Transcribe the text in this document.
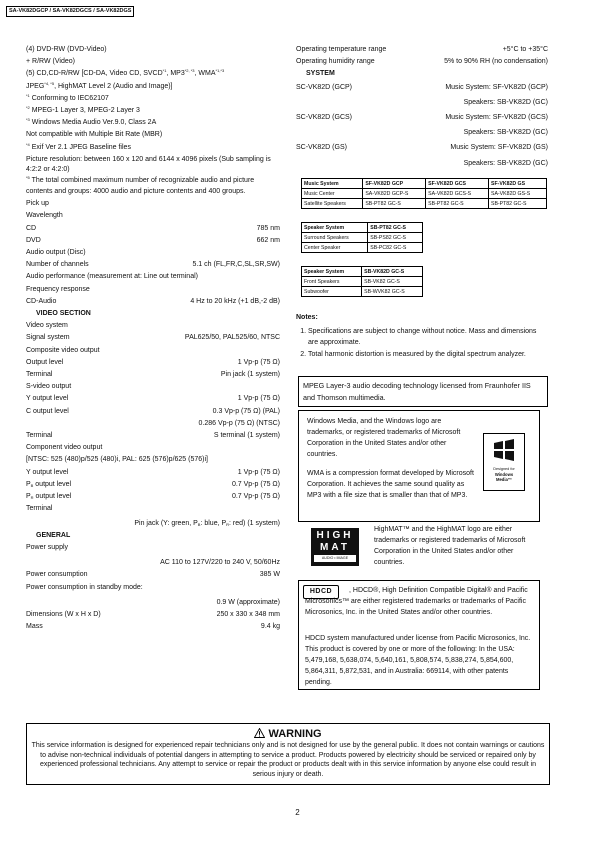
SA-VK82DGCP / SA-VK82DGCS / SA-VK82DGS
(4) DVD-RW (DVD-Video)
+ R/RW (Video)
(5) CD,CD-R/RW [CD-DA, Video CD, SVCD$^{*1}$, $MP3^{*2, *3}$, $WMA^{*1,*3}$
$JPEG^{*4, *5}$, HighMAT Level 2 (Audio and Image)]
$^{*1}$ Conforming to IEC62107
$^{*2}$ MPEG-1 Layer 3, MPEG-2 Layer 3
$^{*3}$ Windows Media Audio Ver.9.0, Class 2A
Not compatible with Multiple Bit Rate (MBR)
$^{*4}$ Exif Ver 2.1 JPEG Baseline files
Picture resolution: between 160 x 120 and 6144 x 4096 pixels (Sub sampling is 4:2:2 or 4:2:0)
$^{*5}$ The total combined maximum number of recognizable audio and picture contents and groups: 4000 audio and picture contents and 400 groups.
Pick up
Wavelength
CD	785 nm
DVD	662 nm
Audio output (Disc)
Number of channels	5.1 ch (FL,FR,C,SL,SR,SW)
Audio performance (measurement at: Line out terminal)
Frequency response
CD-Audio	4 Hz to 20 kHz (+1 dB,-2 dB)
VIDEO SECTION
Video system
Signal system	PAL625/50, PAL525/60, NTSC
Composite video output
Output level	1 Vp-p (75 Ω)
Terminal	Pin jack (1 system)
S-video output
Y output level	1 Vp-p (75 Ω)
C output level	0.3 Vp-p (75 Ω) (PAL)
0.286 Vp-p (75 Ω) (NTSC)
Terminal	S terminal (1 system)
Component video output
[NTSC: 525 (480)p/525 (480)i, PAL: 625 (576)p/625 (576)i]
Y output level	1 Vp-p (75 Ω)
$P_B$ output level	0.7 Vp-p (75 Ω)
$P_R$ output level	0.7 Vp-p (75 Ω)
Terminal
Pin jack (Y: green, $P_B$: blue, $P_R$: red) (1 system)
GENERAL
Power supply
AC 110 to 127V/220 to 240 V, 50/60Hz
Power consumption	385 W
Power consumption in standby mode:
0.9 W (approximate)
Dimensions (W x H x D)	250 x 330 x 348 mm
Mass	9.4 kg
Operating temperature range	+5°C to +35°C
Operating humidity range	5% to 90% RH (no condensation)
SYSTEM
SC-VK82D (GCP)	Music System: SF-VK82D (GCP)
Speakers: SB-VK82D (GC)
SC-VK82D (GCS)	Music System: SF-VK82D (GCS)
Speakers: SB-VK82D (GC)
SC-VK82D (GS)	Music System: SF-VK82D (GS)
Speakers: SB-VK82D (GC)
Music System	SF-VK82D GCP	SF-VK82D GCS	SF-VK82D GS
Music Center	SA-VK82D GCP-S	SA-VK82D GCS-S	SA-VK82D GS-S
Satellite Speakers	SB-PT82 GC-S	SB-PT82 GC-S	SB-PT82 GC-S
Speaker System	SB-PT82 GC-S
Surround Speakers	SB-PS82 GC-S
Center Speaker	SB-PC82 GC-S
Speaker System	SB-VK82D GC-S
Front Speakers	SB-VK82 GC-S
Subwoofer	SB-WVK82 GC-S
Notes:
1. Specifications are subject to change without notice. Mass and dimensions are approximate.
2. Total harmonic distortion is measured by the digital spectrum analyzer.
MPEG Layer-3 audio decoding technology licensed from Fraunhofer IIS and Thomson multimedia.
Windows Media, and the Windows logo are trademarks, or registered trademarks of Microsoft Corporation in the United States and/or other countries.
WMA is a compression format developed by Microsoft Corporation. It achieves the same sound quality as MP3 with a file size that is smaller than that of MP3.
Designed for
Windows
Media™
HIGH
MAT
AUDIO • IMAGE
HighMAT™ and the HighMAT logo are either trademarks or registered trademarks of Microsoft Corporation in the United States and/or other countries.
, HDCD®, High Definition Compatible Digital® and Pacific Microsonics™ are either registered trademarks or trademarks of Pacific Microsonics, Inc. in the United States and/or other countries.
HDCD
HDCD system manufactured under license from Pacific Microsonics, Inc. This product is covered by one or more of the following: In the USA: 5,479,168, 5,638,074, 5,640,161, 5,808,574, 5,838,274, 5,854,600, 5,864,311, 5,872,531, and in Australia: 669114, with other patents pending.
WARNING
This service information is designed for experienced repair technicians only and is not designed for use by the general public. It does not contain warnings or cautions to advise non-technical individuals of potential dangers in attempting to service a product. Products powered by electricity should be serviced or repaired only by experienced professional technicians. Any attempt to service or repair the product or products dealt with in this service information by anyone else could result in serious injury or death.
2
